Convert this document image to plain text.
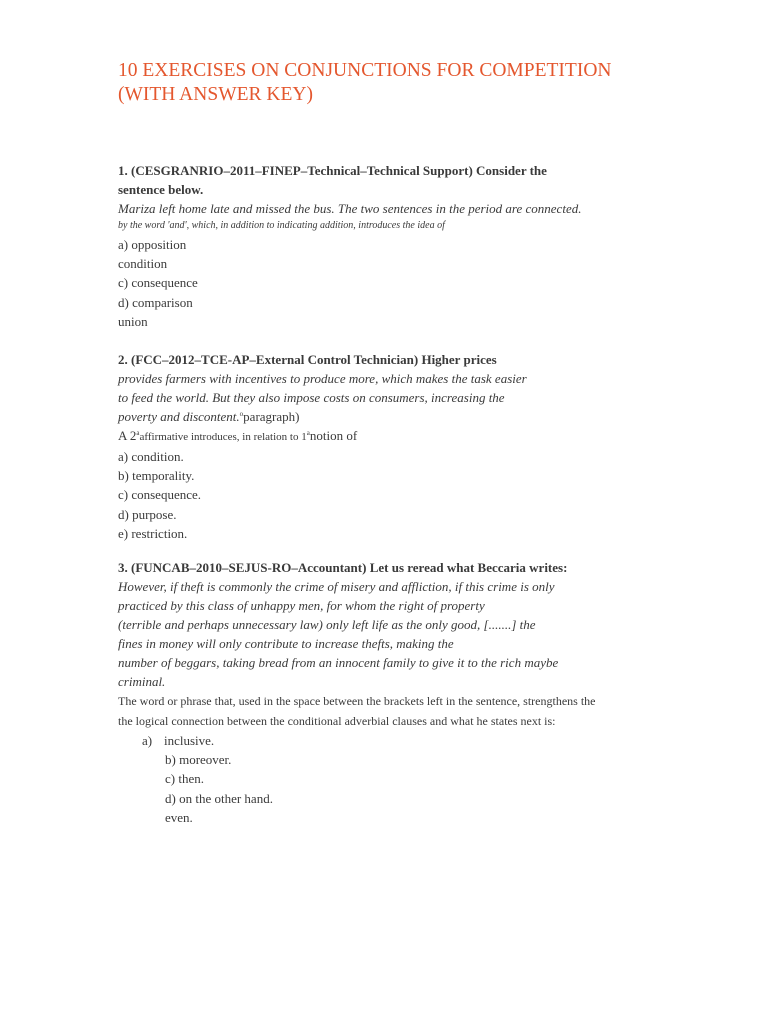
10 EXERCISES ON CONJUNCTIONS FOR COMPETITION
(WITH ANSWER KEY)
1. (CESGRANRIO–2011–FINEP–Technical–Technical Support) Consider the
sentence below.
Mariza left home late and missed the bus. The two sentences in the period are connected.
by the word 'and', which, in addition to indicating addition, introduces the idea of
a) opposition
condition
c) consequence
d) comparison
union
2. (FCC–2012–TCE-AP–External Control Technician) Higher prices
provides farmers with incentives to produce more, which makes the task easier
to feed the world. But they also impose costs on consumers, increasing the
poverty and discontent.$^o$paragraph)
A 2$^a$affirmative introduces, in relation to 1$^a$notion of
a) condition.
b) temporality.
c) consequence.
d) purpose.
e) restriction.
3. (FUNCAB–2010–SEJUS-RO–Accountant) Let us reread what Beccaria writes:
However, if theft is commonly the crime of misery and affliction, if this crime is only
practiced by this class of unhappy men, for whom the right of property
(terrible and perhaps unnecessary law) only left life as the only good, [.......] the
fines in money will only contribute to increase thefts, making the
number of beggars, taking bread from an innocent family to give it to the rich maybe
criminal.
The word or phrase that, used in the space between the brackets left in the sentence, strengthens the
the logical connection between the conditional adverbial clauses and what he states next is:
a) inclusive.
b) moreover.
c) then.
d) on the other hand.
even.
